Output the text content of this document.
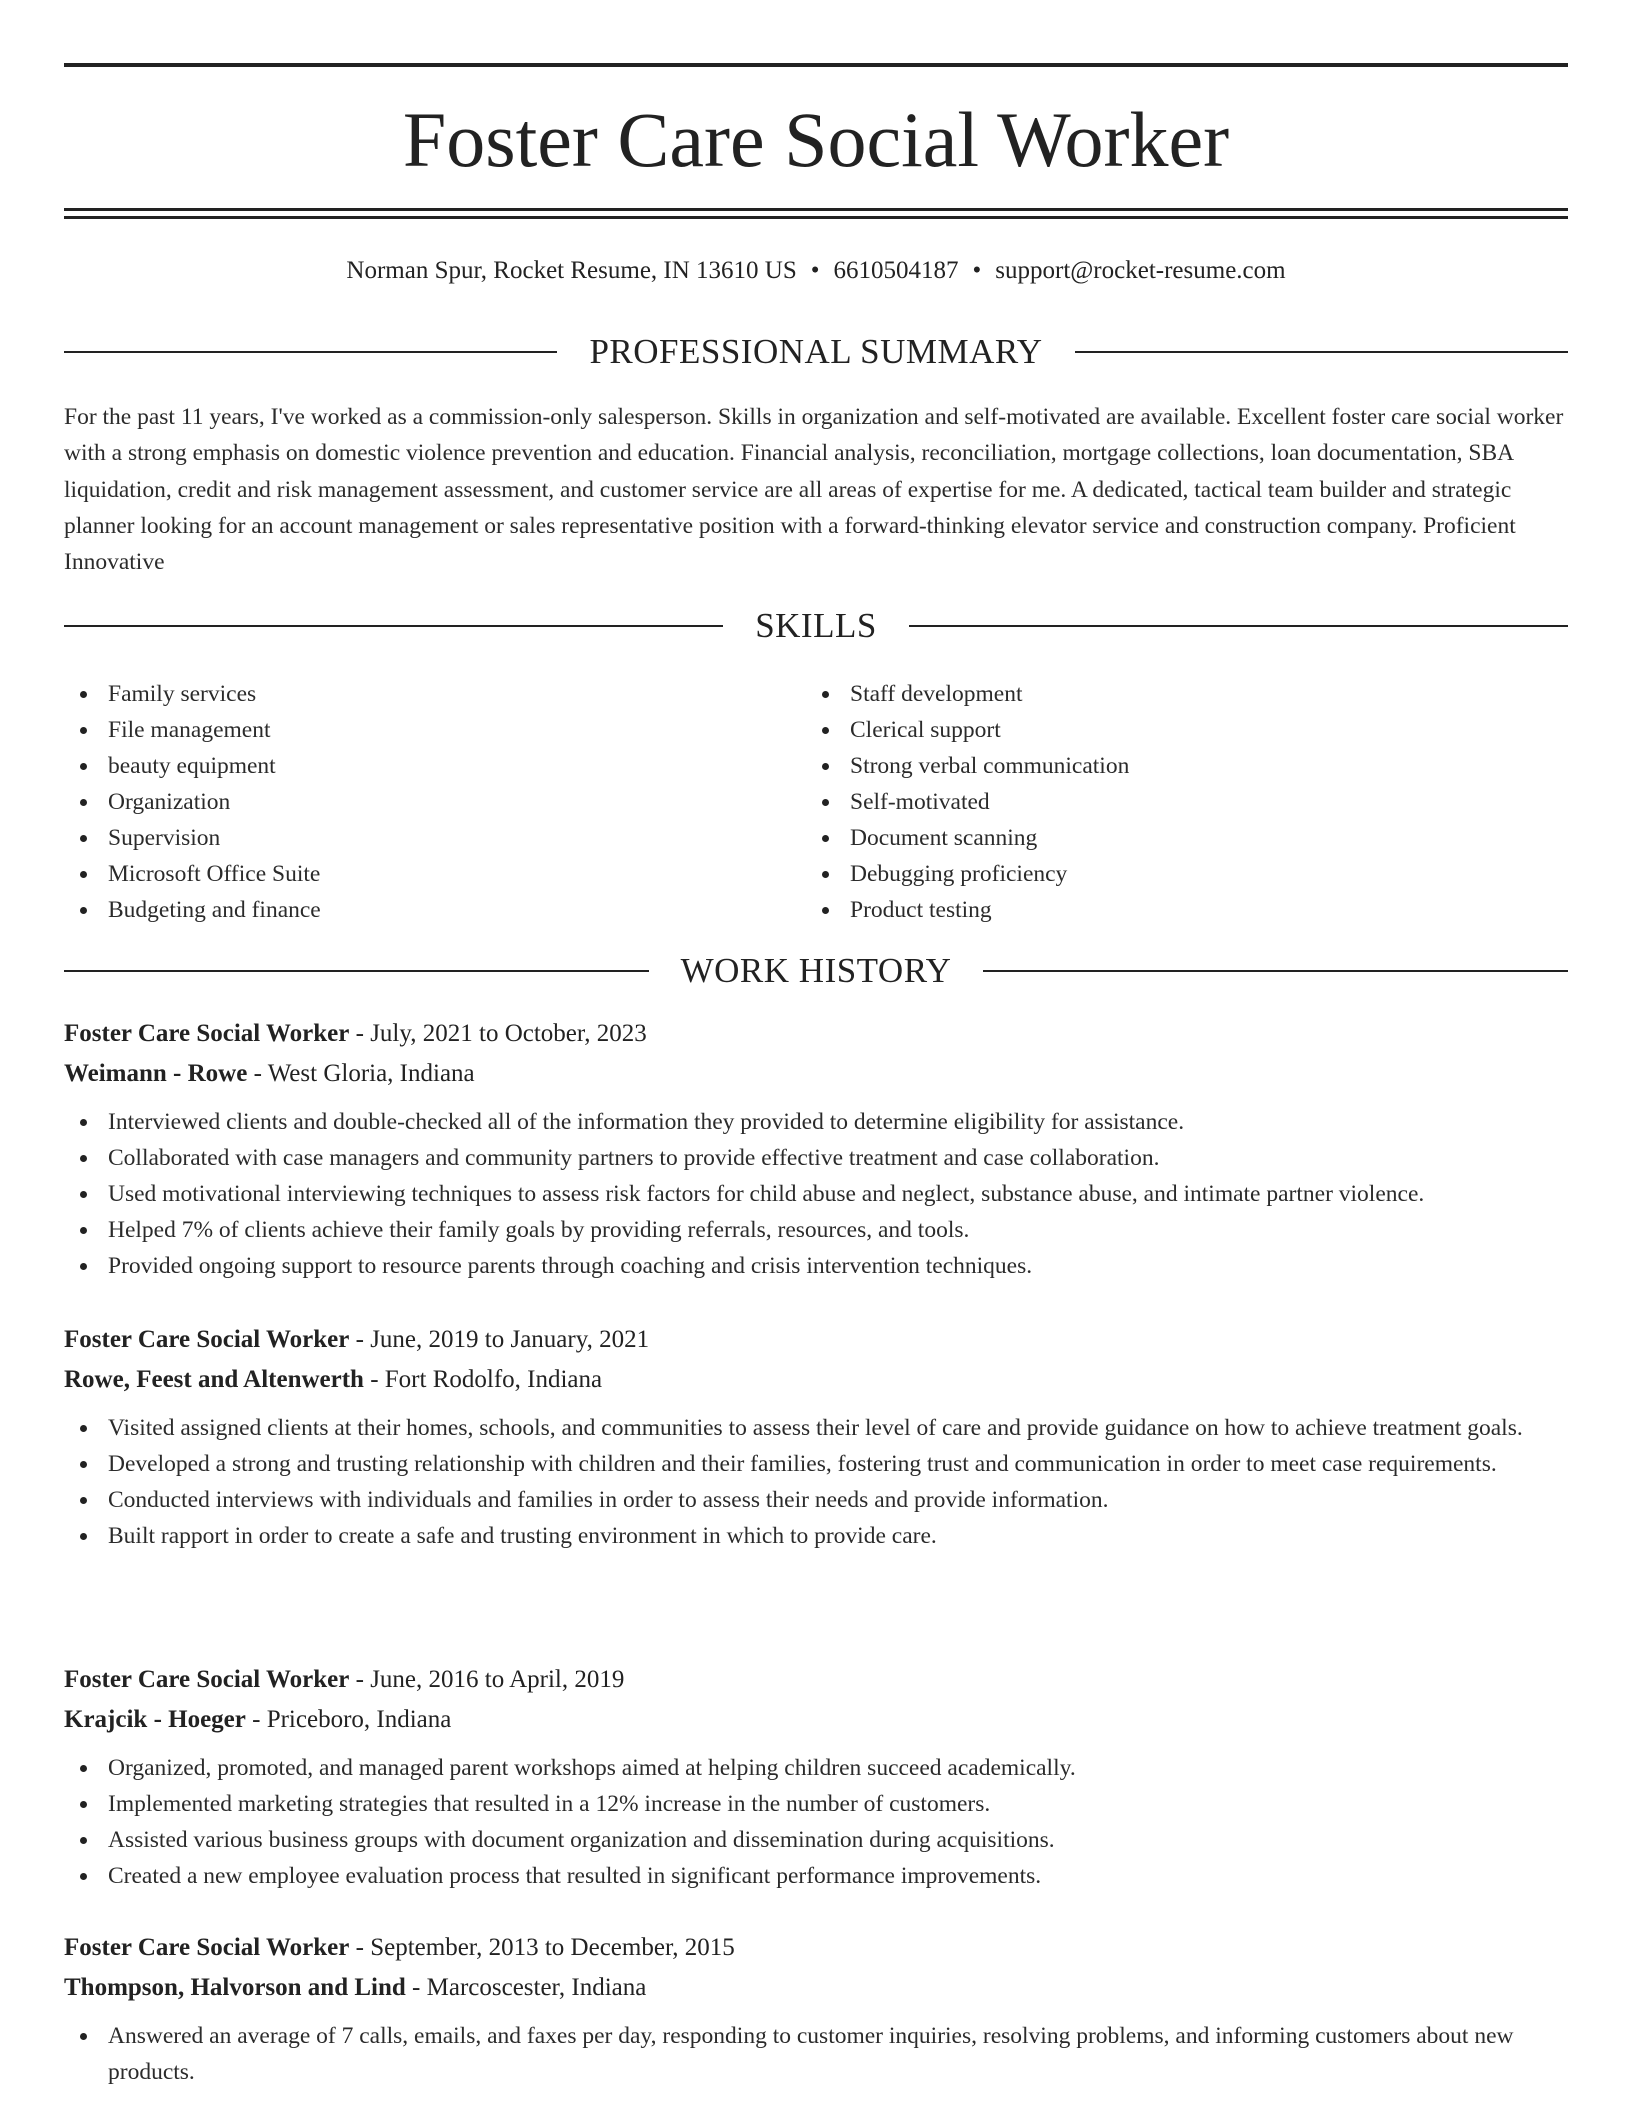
Foster Care Social Worker
Norman Spur, Rocket Resume, IN 13610 US • 6610504187 • support@rocket-resume.com
PROFESSIONAL SUMMARY
For the past 11 years, I've worked as a commission-only salesperson. Skills in organization and self-motivated are available. Excellent foster care social worker with a strong emphasis on domestic violence prevention and education. Financial analysis, reconciliation, mortgage collections, loan documentation, SBA liquidation, credit and risk management assessment, and customer service are all areas of expertise for me. A dedicated, tactical team builder and strategic planner looking for an account management or sales representative position with a forward-thinking elevator service and construction company. Proficient Innovative
SKILLS
Family services
File management
beauty equipment
Organization
Supervision
Microsoft Office Suite
Budgeting and finance
Staff development
Clerical support
Strong verbal communication
Self-motivated
Document scanning
Debugging proficiency
Product testing
WORK HISTORY
Foster Care Social Worker - July, 2021 to October, 2023
Weimann - Rowe - West Gloria, Indiana
Interviewed clients and double-checked all of the information they provided to determine eligibility for assistance.
Collaborated with case managers and community partners to provide effective treatment and case collaboration.
Used motivational interviewing techniques to assess risk factors for child abuse and neglect, substance abuse, and intimate partner violence.
Helped 7% of clients achieve their family goals by providing referrals, resources, and tools.
Provided ongoing support to resource parents through coaching and crisis intervention techniques.
Foster Care Social Worker - June, 2019 to January, 2021
Rowe, Feest and Altenwerth - Fort Rodolfo, Indiana
Visited assigned clients at their homes, schools, and communities to assess their level of care and provide guidance on how to achieve treatment goals.
Developed a strong and trusting relationship with children and their families, fostering trust and communication in order to meet case requirements.
Conducted interviews with individuals and families in order to assess their needs and provide information.
Built rapport in order to create a safe and trusting environment in which to provide care.
Foster Care Social Worker - June, 2016 to April, 2019
Krajcik - Hoeger - Priceboro, Indiana
Organized, promoted, and managed parent workshops aimed at helping children succeed academically.
Implemented marketing strategies that resulted in a 12% increase in the number of customers.
Assisted various business groups with document organization and dissemination during acquisitions.
Created a new employee evaluation process that resulted in significant performance improvements.
Foster Care Social Worker - September, 2013 to December, 2015
Thompson, Halvorson and Lind - Marcoscester, Indiana
Answered an average of 7 calls, emails, and faxes per day, responding to customer inquiries, resolving problems, and informing customers about new products.
